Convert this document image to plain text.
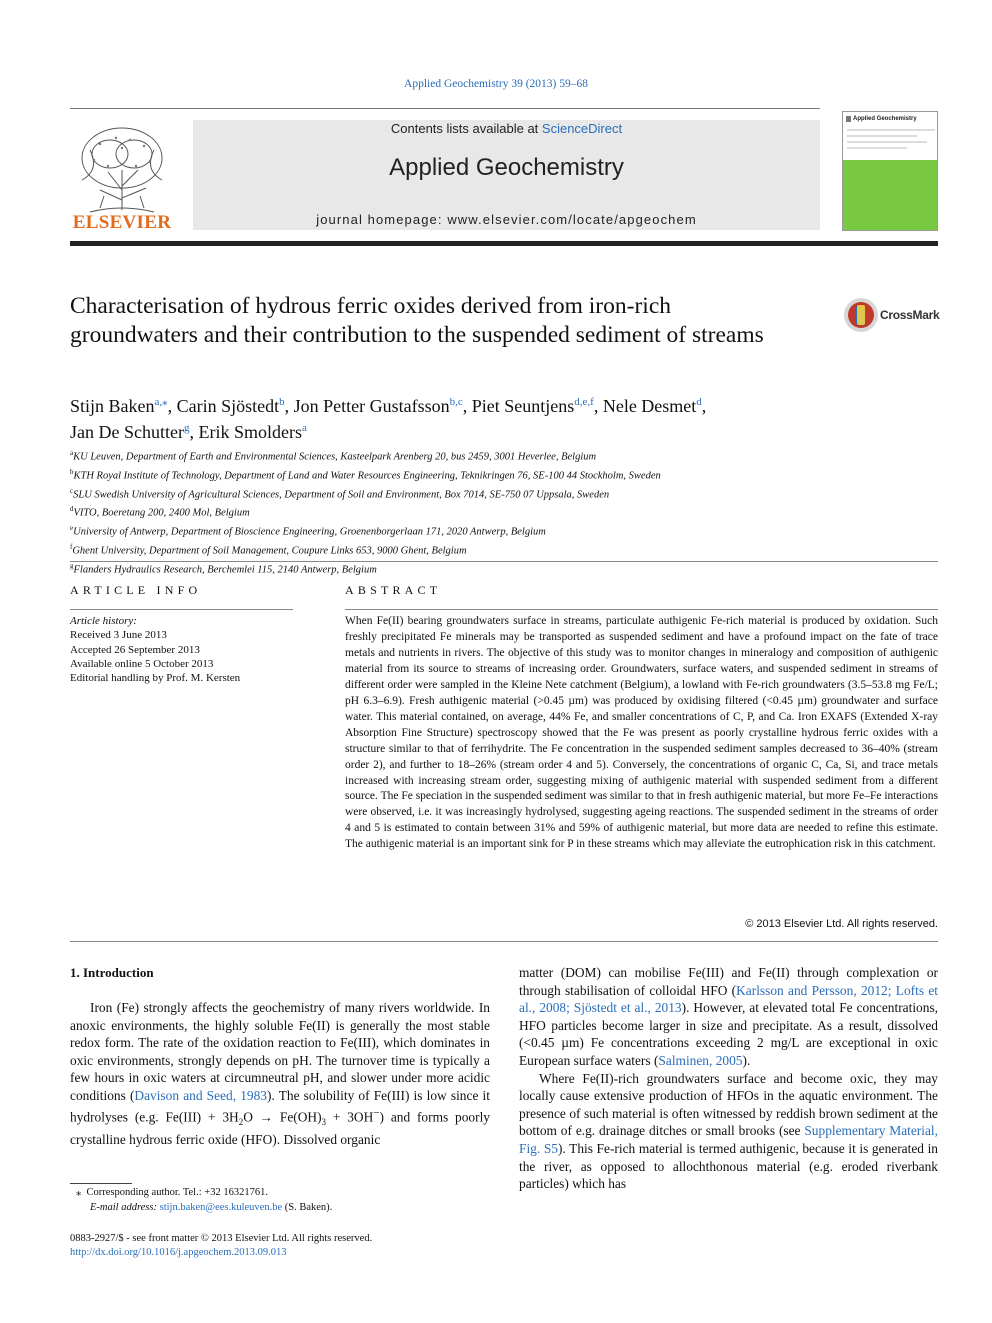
Applied Geochemistry 39 (2013) 59–68
ELSEVIER
Contents lists available at ScienceDirect
Applied Geochemistry
journal homepage: www.elsevier.com/locate/apgeochem
Applied Geochemistry
Characterisation of hydrous ferric oxides derived from iron-rich groundwaters and their contribution to the suspended sediment of streams
CrossMark
Stijn Baken$^{a,⁎}$, Carin Sjöstedt$^b$, Jon Petter Gustafsson$^{b,c}$, Piet Seuntjens$^{d,e,f}$, Nele Desmet$^d$,
Jan De Schutter$^g$, Erik Smolders$^a$
$^a$KU Leuven, Department of Earth and Environmental Sciences, Kasteelpark Arenberg 20, bus 2459, 3001 Heverlee, Belgium
$^b$KTH Royal Institute of Technology, Department of Land and Water Resources Engineering, Teknikringen 76, SE-100 44 Stockholm, Sweden
$^c$SLU Swedish University of Agricultural Sciences, Department of Soil and Environment, Box 7014, SE-750 07 Uppsala, Sweden
$^d$VITO, Boeretang 200, 2400 Mol, Belgium
$^e$University of Antwerp, Department of Bioscience Engineering, Groenenborgerlaan 171, 2020 Antwerp, Belgium
$^f$Ghent University, Department of Soil Management, Coupure Links 653, 9000 Ghent, Belgium
$^g$Flanders Hydraulics Research, Berchemlei 115, 2140 Antwerp, Belgium
ARTICLE INFO	ABSTRACT
Article history:
Received 3 June 2013
Accepted 26 September 2013
Available online 5 October 2013
Editorial handling by Prof. M. Kersten
When Fe(II) bearing groundwaters surface in streams, particulate authigenic Fe-rich material is produced by oxidation. Such freshly precipitated Fe minerals may be transported as suspended sediment and have a profound impact on the fate of trace metals and nutrients in rivers. The objective of this study was to monitor changes in mineralogy and composition of authigenic material from its source to streams of increasing order. Groundwaters, surface waters, and suspended sediment in streams of different order were sampled in the Kleine Nete catchment (Belgium), a lowland with Fe-rich groundwaters (3.5–53.8 mg Fe/L; pH 6.3–6.9). Fresh authigenic material (>0.45 µm) was produced by oxidising filtered (<0.45 µm) groundwater and surface water. This material contained, on average, 44% Fe, and smaller concentrations of C, P, and Ca. Iron EXAFS (Extended X-ray Absorption Fine Structure) spectroscopy showed that the Fe was present as poorly crystalline hydrous ferric oxides with a structure similar to that of ferrihydrite. The Fe concentration in the suspended sediment samples decreased to 36–40% (stream order 2), and further to 18–26% (stream order 4 and 5). Conversely, the concentrations of organic C, Ca, Si, and trace metals increased with increasing stream order, suggesting mixing of authigenic material with suspended sediment from a different source. The Fe speciation in the suspended sediment was similar to that in fresh authigenic material, but more Fe–Fe interactions were observed, i.e. it was increasingly hydrolysed, suggesting ageing reactions. The suspended sediment in the streams of order 4 and 5 is estimated to contain between 31% and 59% of authigenic material, but more data are needed to refine this estimate. The authigenic material is an important sink for P in these streams which may alleviate the eutrophication risk in this catchment.
© 2013 Elsevier Ltd. All rights reserved.
1. Introduction

Iron (Fe) strongly affects the geochemistry of many rivers worldwide. In anoxic environments, the highly soluble Fe(II) is generally the most stable redox form. The rate of the oxidation reaction to Fe(III), which dominates in oxic environments, strongly depends on pH. The turnover time is typically a few hours in oxic waters at circumneutral pH, and slower under more acidic conditions (Davison and Seed, 1983). The solubility of Fe(III) is low since it hydrolyses (e.g. $Fe(III) + 3H_2O \to Fe(OH)_3 + 3OH^-$) and forms poorly crystalline hydrous ferric oxide (HFO). Dissolved organic

matter (DOM) can mobilise Fe(III) and Fe(II) through complexation or through stabilisation of colloidal HFO (Karlsson and Persson, 2012; Lofts et al., 2008; Sjöstedt et al., 2013). However, at elevated total Fe concentrations, HFO particles become larger in size and precipitate. As a result, dissolved (<0.45 µm) Fe concentrations exceeding 2 mg/L are exceptional in oxic European surface waters (Salminen, 2005).

Where Fe(II)-rich groundwaters surface and become oxic, they may locally cause extensive production of HFOs in the aquatic environment. The presence of such material is often witnessed by reddish brown sediment at the bottom of e.g. drainage ditches or small brooks (see Supplementary Material, Fig. S5). This Fe-rich material is termed authigenic, because it is generated in the river, as opposed to allochthonous material (e.g. eroded riverbank particles) which has

⁎ Corresponding author. Tel.: +32 16321761.
E-mail address: stijn.baken@ees.kuleuven.be (S. Baken).
0883-2927/$ - see front matter © 2013 Elsevier Ltd. All rights reserved.
http://dx.doi.org/10.1016/j.apgeochem.2013.09.013
